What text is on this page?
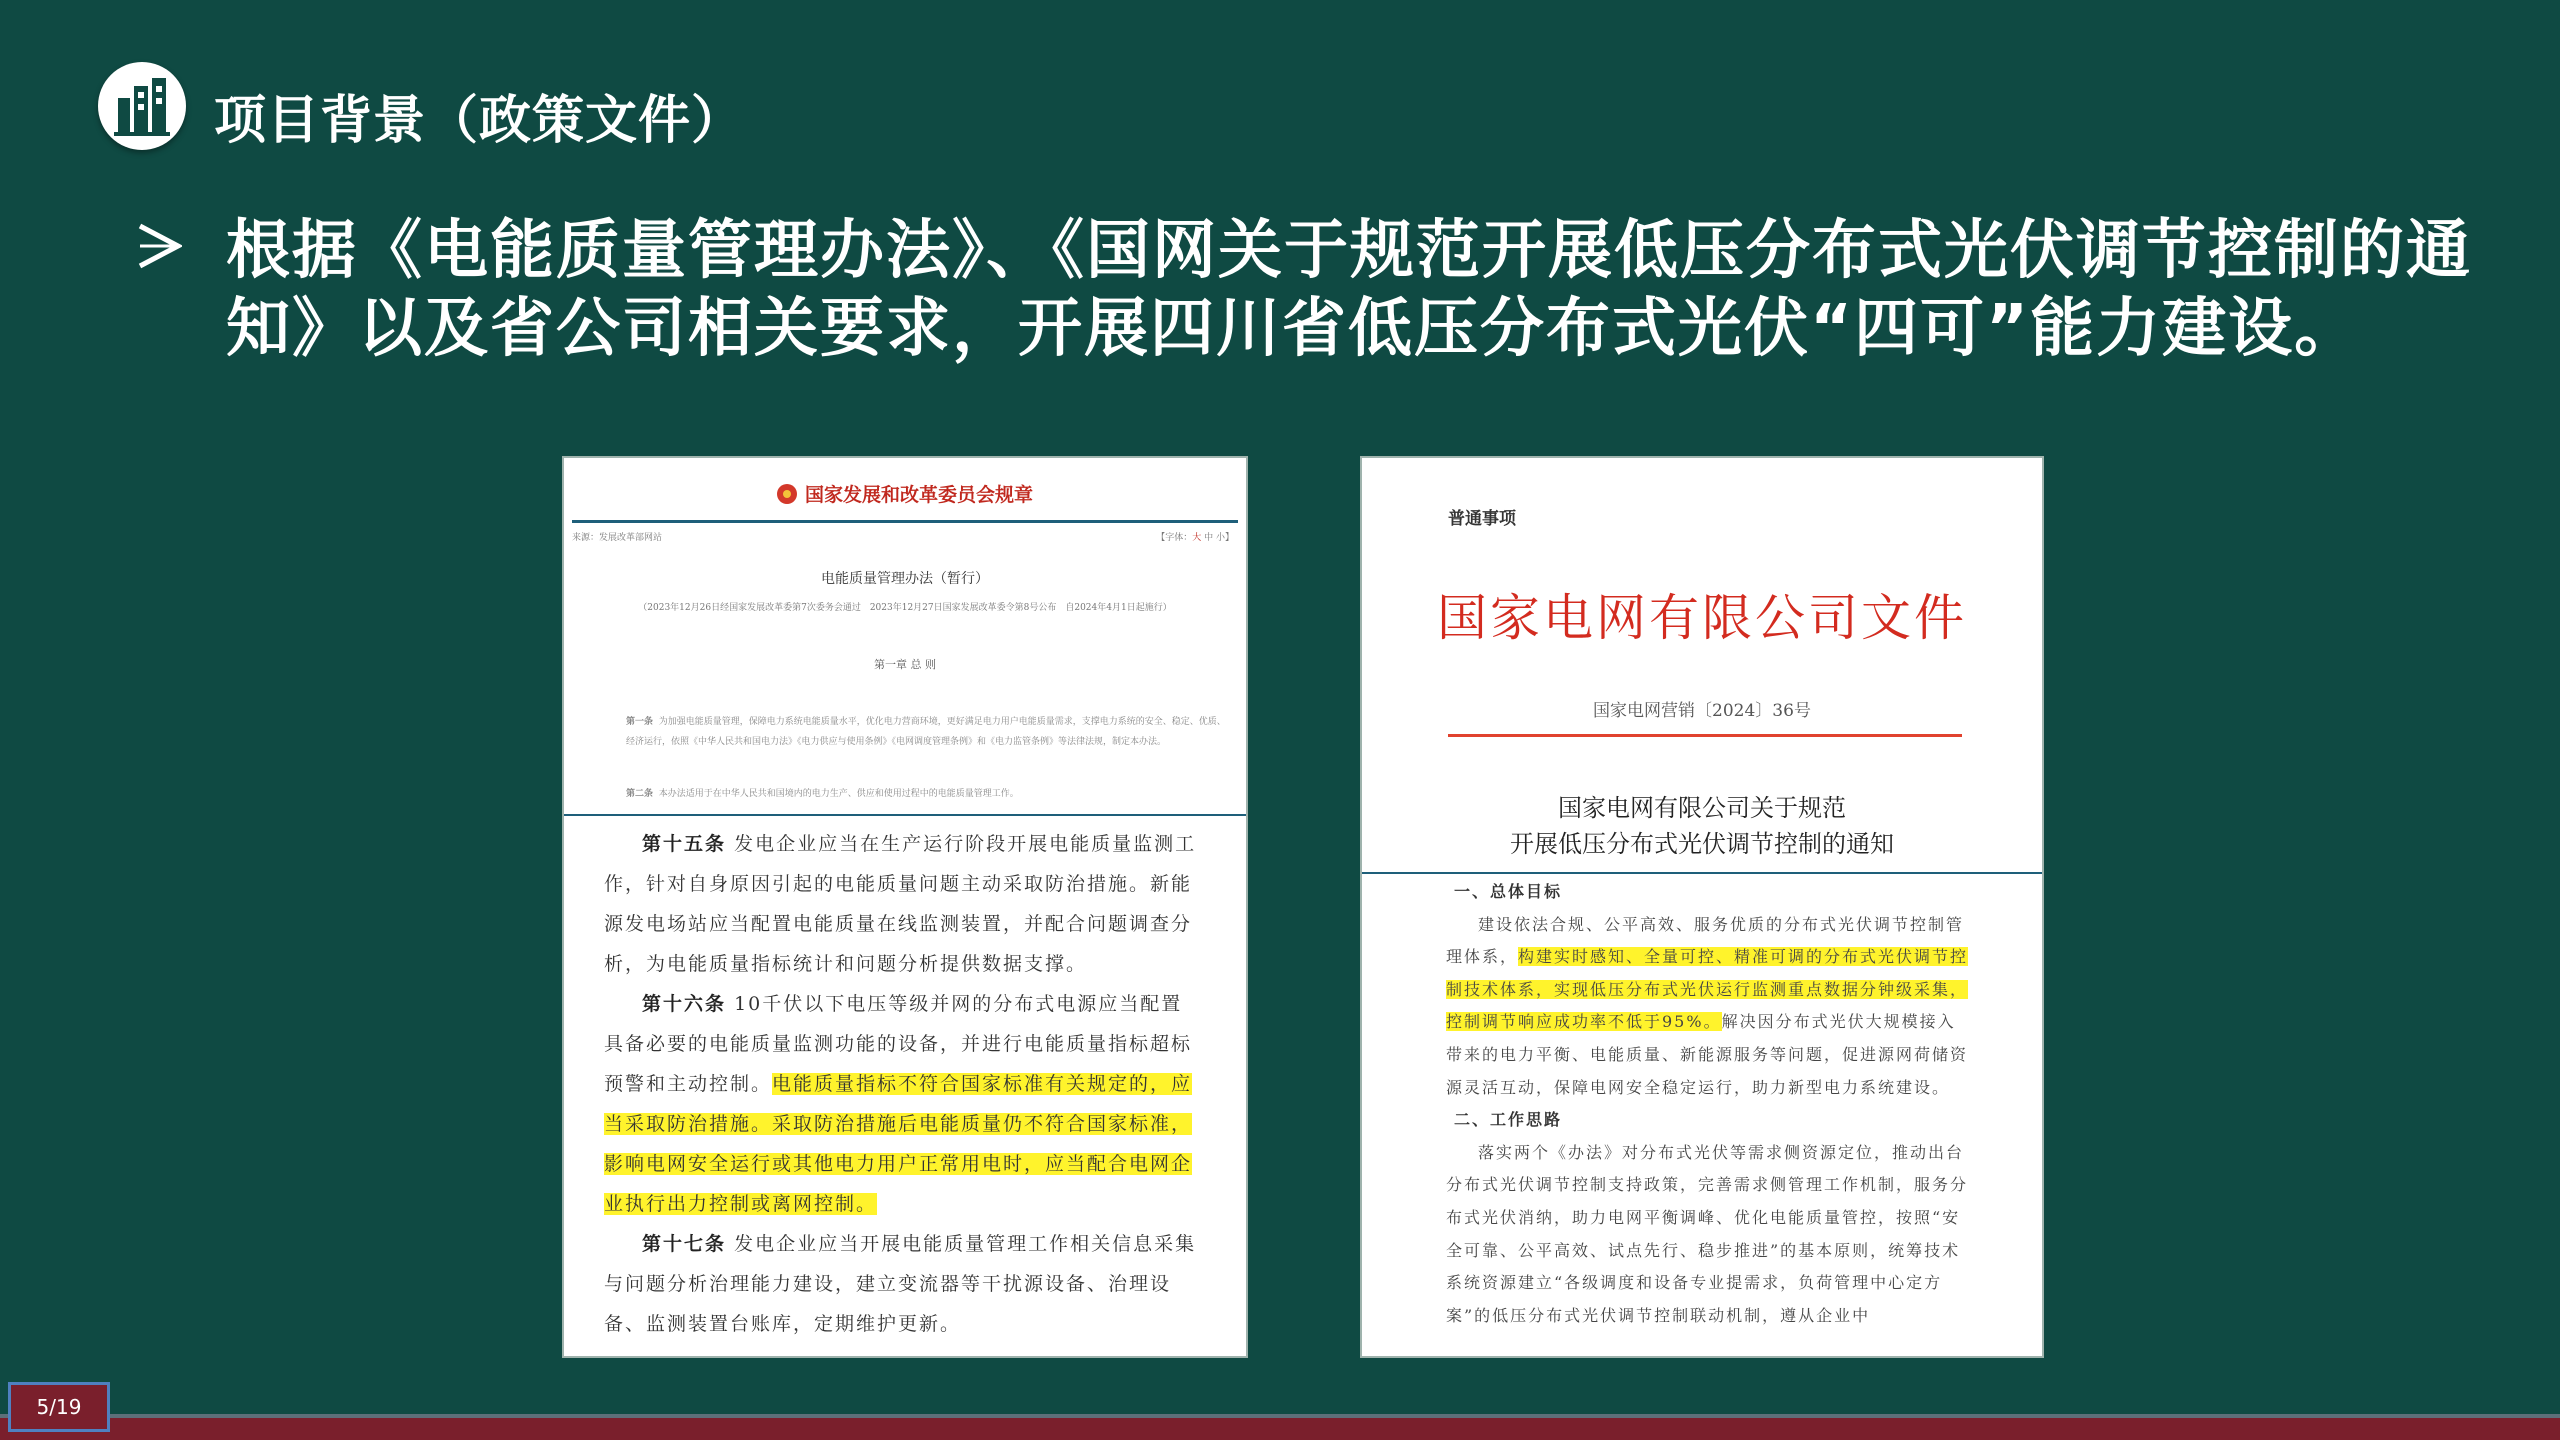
项目背景（政策文件）
根据《电能质量管理办法》、《国网关于规范开展低压分布式光伏调节控制的通知》以及省公司相关要求，开展四川省低压分布式光伏“四可”能力建设。
国家发展和改革委员会规章
来源：发展改革部网站	【字体：大 中 小】
电能质量管理办法（暂行）
（2023年12月26日经国家发展改革委第7次委务会通过　2023年12月27日国家发展改革委令第8号公布　自2024年4月1日起施行）
第一章 总 则
第一条 为加强电能质量管理，保障电力系统电能质量水平，优化电力营商环境，更好满足电力用户电能质量需求，支撑电力系统的安全、稳定、优质、经济运行，依照《中华人民共和国电力法》《电力供应与使用条例》《电网调度管理条例》和《电力监管条例》等法律法规，制定本办法。
第二条 本办法适用于在中华人民共和国境内的电力生产、供应和使用过程中的电能质量管理工作。

第十五条 发电企业应当在生产运行阶段开展电能质量监测工作，针对自身原因引起的电能质量问题主动采取防治措施。新能源发电场站应当配置电能质量在线监测装置，并配合问题调查分析，为电能质量指标统计和问题分析提供数据支撑。

第十六条 10千伏以下电压等级并网的分布式电源应当配置具备必要的电能质量监测功能的设备，并进行电能质量指标超标预警和主动控制。电能质量指标不符合国家标准有关规定的，应当采取防治措施。采取防治措施后电能质量仍不符合国家标准，影响电网安全运行或其他电力用户正常用电时，应当配合电网企业执行出力控制或离网控制。

第十七条 发电企业应当开展电能质量管理工作相关信息采集与问题分析治理能力建设，建立变流器等干扰源设备、治理设备、监测装置台账库，定期维护更新。

普通事项
国家电网有限公司文件
国家电网营销〔2024〕36号
国家电网有限公司关于规范
开展低压分布式光伏调节控制的通知

一、总体目标

建设依法合规、公平高效、服务优质的分布式光伏调节控制管理体系，构建实时感知、全量可控、精准可调的分布式光伏调节控制技术体系，实现低压分布式光伏运行监测重点数据分钟级采集，控制调节响应成功率不低于95%。解决因分布式光伏大规模接入带来的电力平衡、电能质量、新能源服务等问题，促进源网荷储资源灵活互动，保障电网安全稳定运行，助力新型电力系统建设。

二、工作思路

落实两个《办法》对分布式光伏等需求侧资源定位，推动出台分布式光伏调节控制支持政策，完善需求侧管理工作机制，服务分布式光伏消纳，助力电网平衡调峰、优化电能质量管控，按照“安全可靠、公平高效、试点先行、稳步推进”的基本原则，统筹技术系统资源建立“各级调度和设备专业提需求，负荷管理中心定方案”的低压分布式光伏调节控制联动机制，遵从企业中

5/19
